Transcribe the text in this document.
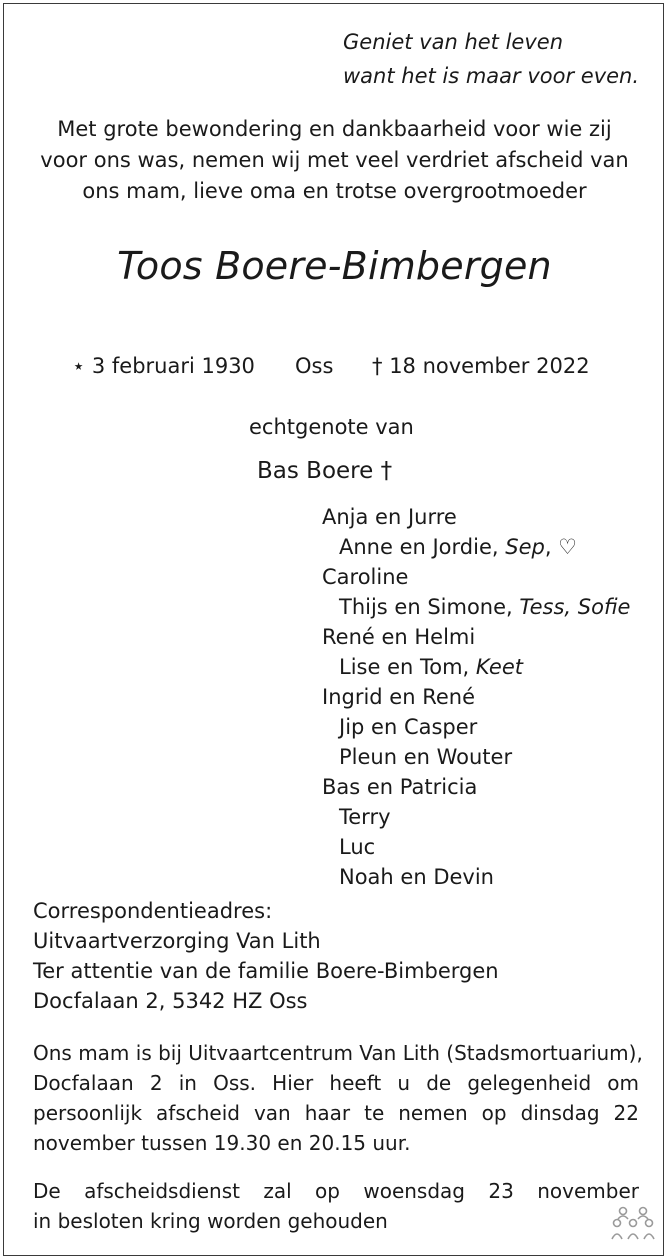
Geniet van het leven
want het is maar voor even.
Met grote bewondering en dankbaarheid voor wie zij
voor ons was, nemen wij met veel verdriet afscheid van
ons mam, lieve oma en trotse overgrootmoeder
Toos Boere-Bimbergen
⋆ 3 februari 1930 Oss † 18 november 2022
echtgenote van
Bas Boere †
Anja en Jurre
Anne en Jordie, Sep, ♡
Caroline
Thijs en Simone, Tess, Sofie
René en Helmi
Lise en Tom, Keet
Ingrid en René
Jip en Casper
Pleun en Wouter
Bas en Patricia
Terry
Luc
Noah en Devin
Correspondentieadres:
Uitvaartverzorging Van Lith
Ter attentie van de familie Boere-Bimbergen
Docfalaan 2, 5342 HZ Oss
Ons mam is bij Uitvaartcentrum Van Lith (Stadsmortuarium),
Docfalaan 2 in Oss. Hier heeft u de gelegenheid om
persoonlijk afscheid van haar te nemen op dinsdag 22
november tussen 19.30 en 20.15 uur.
De afscheidsdienst zal op woensdag 23 november
in besloten kring worden gehouden
